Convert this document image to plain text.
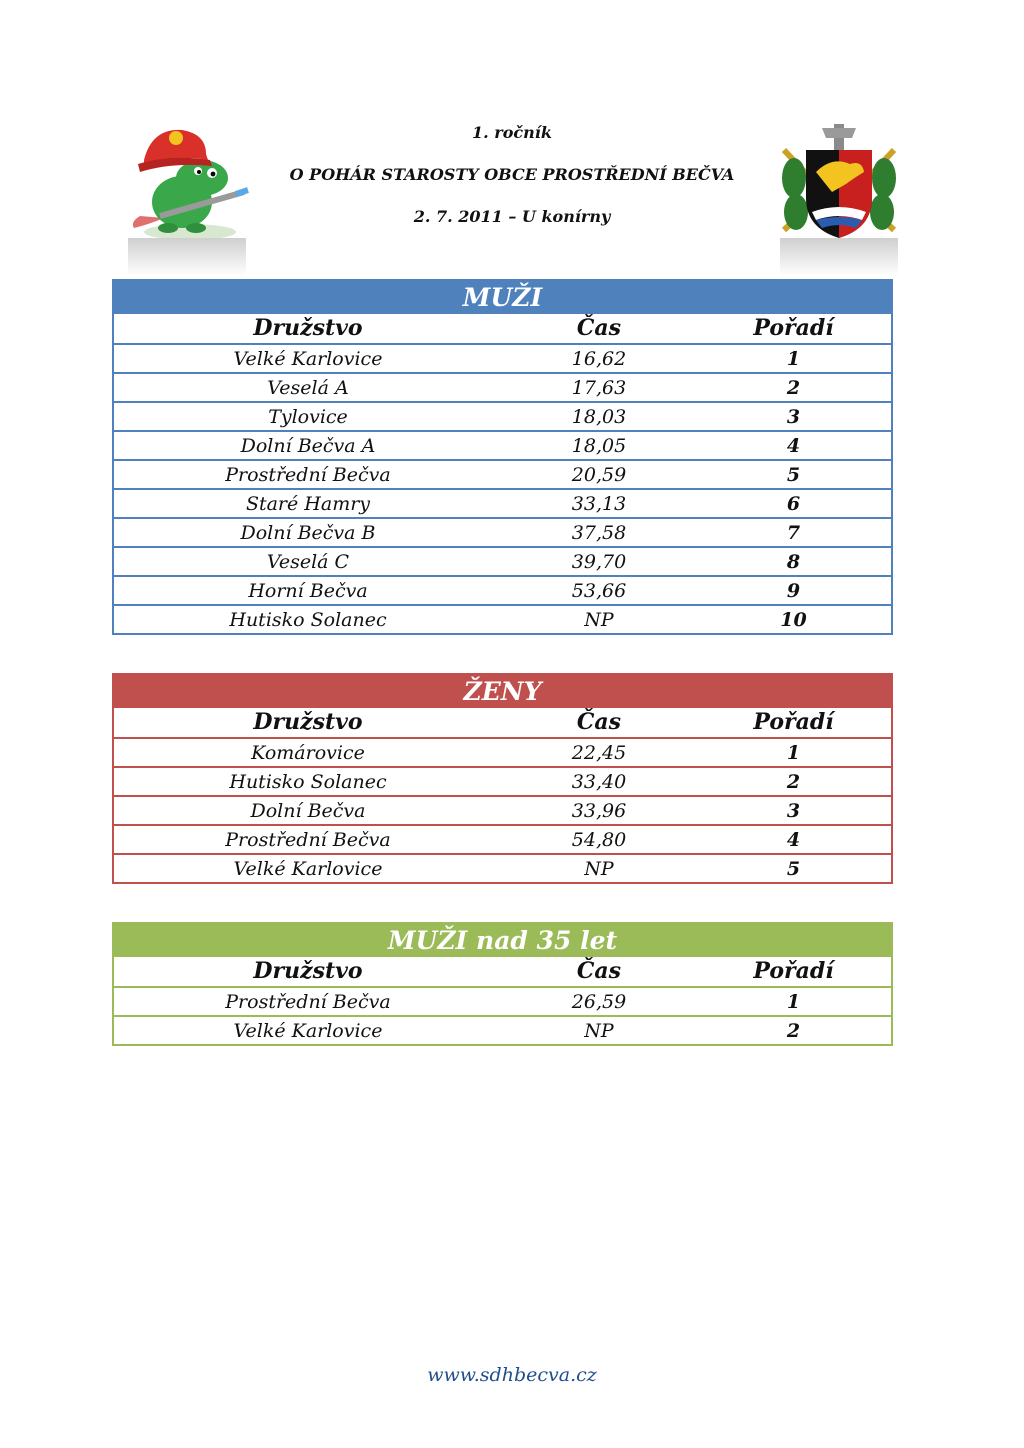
1. ročník
O POHÁR STAROSTY OBCE PROSTŘEDNÍ BEČVA
2. 7. 2011 – U konírny
MUŽI
Družstvo	Čas	Pořadí
Velké Karlovice	16,62	1
Veselá A	17,63	2
Tylovice	18,03	3
Dolní Bečva A	18,05	4
Prostřední Bečva	20,59	5
Staré Hamry	33,13	6
Dolní Bečva B	37,58	7
Veselá C	39,70	8
Horní Bečva	53,66	9
Hutisko Solanec	NP	10
ŽENY
Družstvo	Čas	Pořadí
Komárovice	22,45	1
Hutisko Solanec	33,40	2
Dolní Bečva	33,96	3
Prostřední Bečva	54,80	4
Velké Karlovice	NP	5
MUŽI nad 35 let
Družstvo	Čas	Pořadí
Prostřední Bečva	26,59	1
Velké Karlovice	NP	2
www.sdhbecva.cz
